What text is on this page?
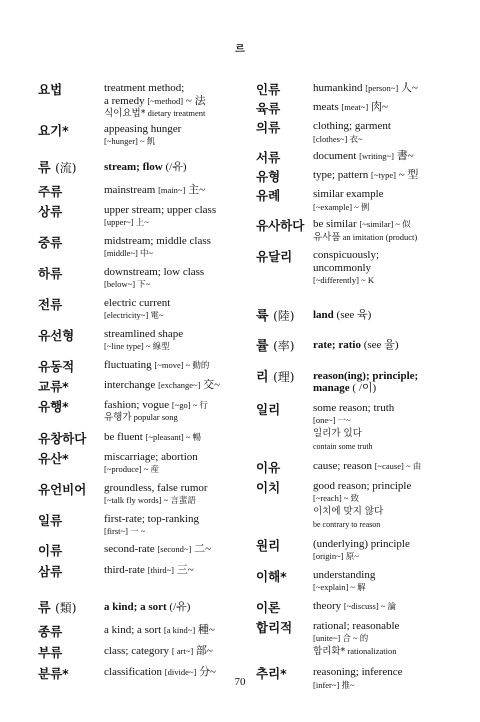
르
요법	treatment method;
a remedy [~method] ~ 法
식이요법* dietary treatment
요기*	appeasing hunger
[~hunger] ~ 飢
류 (流)	stream; flow (/유)
주류	mainstream [main~] 主~
상류	upper stream; upper class
[upper~] 上~
중류	midstream; middle class
[middle~] 中~
하류	downstream; low class
[below~] 下~
전류	electric current
[electricity~] 電~
유선형	streamlined shape
[~line type] ~ 線型
유동적	fluctuating [~move] ~ 動的
교류*	interchange [exchange~] 交~
유행*	fashion; vogue [~go] ~ 行
유행가 popular song
유창하다	be fluent [~pleasant] ~ 暢
유산*	miscarriage; abortion
[~produce] ~ 産
유언비어	groundless, false rumor
[~talk fly words] ~ 言蜚語
일류	first-rate; top-ranking
[first~] 一 ~
이류	second-rate [second~] 二~
삼류	third-rate [third~] 三~
류 (類)	a kind; a sort (/유)
종류	a kind; a sort [a kind~] 種~
부류	class; category [ art~] 部~
분류*	classification [divide~] 分~
인류	humankind [person~] 人~
육류	meats [meat~] 肉~
의류	clothing; garment
[clothes~] 衣~
서류	document [writing~] 書~
유형	type; pattern [~type] ~ 型
유례	similar example
[~example] ~ 例
유사하다 be similar [~similar] ~ 似
유사품 an imitation (product)
유달리	conspicuously;
uncommonly
[~differently] ~ K
륙 (陸)	land (see 육)
률 (率)	rate; ratio (see 율)
리 (理)	reason(ing); principle;
manage ( /이)
일리	some reason; truth
[one~] 一~
일리가 있다
contain some truth
이유	cause; reason [~cause] ~ 由
이치	good reason; principle
[~reach] ~ 致
이치에 맞지 않다
be contrary to reason
원리	(underlying) principle
[origin~] 原~
이해*	understanding
[~explain] ~ 解
이론	theory [~discuss] ~ 論
합리적	rational; reasonable
[unite~] 合 ~ 的
합리화* rationalization
추리*	reasoning; inference
[infer~] 推~
70
